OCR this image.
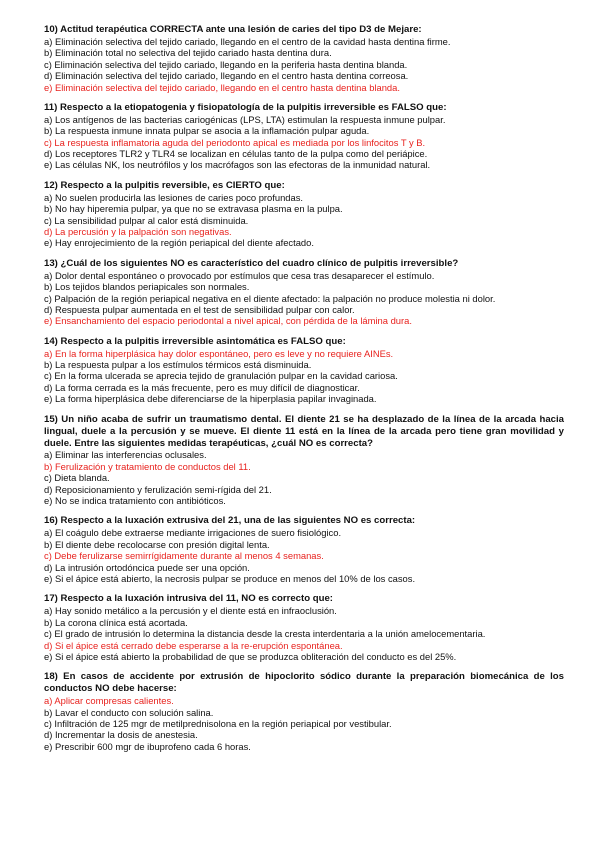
10) Actitud terapéutica CORRECTA ante una lesión de caries del tipo D3 de Mejare:

a) Eliminación selectiva del tejido cariado, llegando en el centro de la cavidad hasta dentina firme.

b) Eliminación total no selectiva del tejido cariado hasta dentina dura.

c) Eliminación selectiva del tejido cariado, llegando en la periferia hasta dentina blanda.

d) Eliminación selectiva del tejido cariado, llegando en el centro hasta dentina correosa.

e) Eliminación selectiva del tejido cariado, llegando en el centro hasta dentina blanda.

11) Respecto a la etiopatogenia y fisiopatología de la pulpitis irreversible es FALSO que:

a) Los antígenos de las bacterias cariogénicas (LPS, LTA) estimulan la respuesta inmune pulpar.

b) La respuesta inmune innata pulpar se asocia a la inflamación pulpar aguda.

c) La respuesta inflamatoria aguda del periodonto apical es mediada por los linfocitos T y B.

d) Los receptores TLR2 y TLR4 se localizan en células tanto de la pulpa como del periápice.

e) Las células NK, los neutrófilos y los macrófagos son las efectoras de la inmunidad natural.

12) Respecto a la pulpitis reversible, es CIERTO que:

a) No suelen producirla las lesiones de caries poco profundas.

b) No hay hiperemia pulpar, ya que no se extravasa plasma en la pulpa.

c) La sensibilidad pulpar al calor está disminuida.

d) La percusión y la palpación son negativas.

e) Hay enrojecimiento de la región periapical del diente afectado.

13) ¿Cuál de los siguientes NO es característico del cuadro clínico de pulpitis irreversible?

a) Dolor dental espontáneo o provocado por estímulos que cesa tras desaparecer el estímulo.

b) Los tejidos blandos periapicales son normales.

c) Palpación de la región periapical negativa en el diente afectado: la palpación no produce molestia ni dolor.

d) Respuesta pulpar aumentada en el test de sensibilidad pulpar con calor.

e) Ensanchamiento del espacio periodontal a nivel apical, con pérdida de la lámina dura.

14) Respecto a la pulpitis irreversible asintomática es FALSO que:

a) En la forma hiperplásica hay dolor espontáneo, pero es leve y no requiere AINEs.

b) La respuesta pulpar a los estímulos térmicos está disminuida.

c) En la forma ulcerada se aprecia tejido de granulación pulpar en la cavidad cariosa.

d) La forma cerrada es la más frecuente, pero es muy difícil de diagnosticar.

e) La forma hiperplásica debe diferenciarse de la hiperplasia papilar invaginada.

15) Un niño acaba de sufrir un traumatismo dental. El diente 21 se ha desplazado de la línea de la arcada hacia lingual, duele a la percusión y se mueve. El diente 11 está en la línea de la arcada pero tiene gran movilidad y duele. Entre las siguientes medidas terapéuticas, ¿cuál NO es correcta?

a) Eliminar las interferencias oclusales.

b) Ferulización y tratamiento de conductos del 11.

c) Dieta blanda.

d) Reposicionamiento y ferulización semi-rígida del 21.

e) No se indica tratamiento con antibióticos.

16) Respecto a la luxación extrusiva del 21, una de las siguientes NO es correcta:

a) El coágulo debe extraerse mediante irrigaciones de suero fisiológico.

b) El diente debe recolocarse con presión digital lenta.

c) Debe ferulizarse semirrígidamente durante al menos 4 semanas.

d) La intrusión ortodóncica puede ser una opción.

e) Si el ápice está abierto, la necrosis pulpar se produce en menos del 10% de los casos.

17) Respecto a la luxación intrusiva del 11, NO es correcto que:

a) Hay sonido metálico a la percusión y el diente está en infraoclusión.

b) La corona clínica está acortada.

c) El grado de intrusión lo determina la distancia desde la cresta interdentaria a la unión amelocementaria.

d) Si el ápice está cerrado debe esperarse a la re-erupción espontánea.

e) Si el ápice está abierto la probabilidad de que se produzca obliteración del conducto es del 25%.

18) En casos de accidente por extrusión de hipoclorito sódico durante la preparación biomecánica de los conductos NO debe hacerse:

a) Aplicar compresas calientes.

b) Lavar el conducto con solución salina.

c) Infiltración de 125 mgr de metilprednisolona en la región periapical por vestibular.

d) Incrementar la dosis de anestesia.

e) Prescribir 600 mgr de ibuprofeno cada 6 horas.
